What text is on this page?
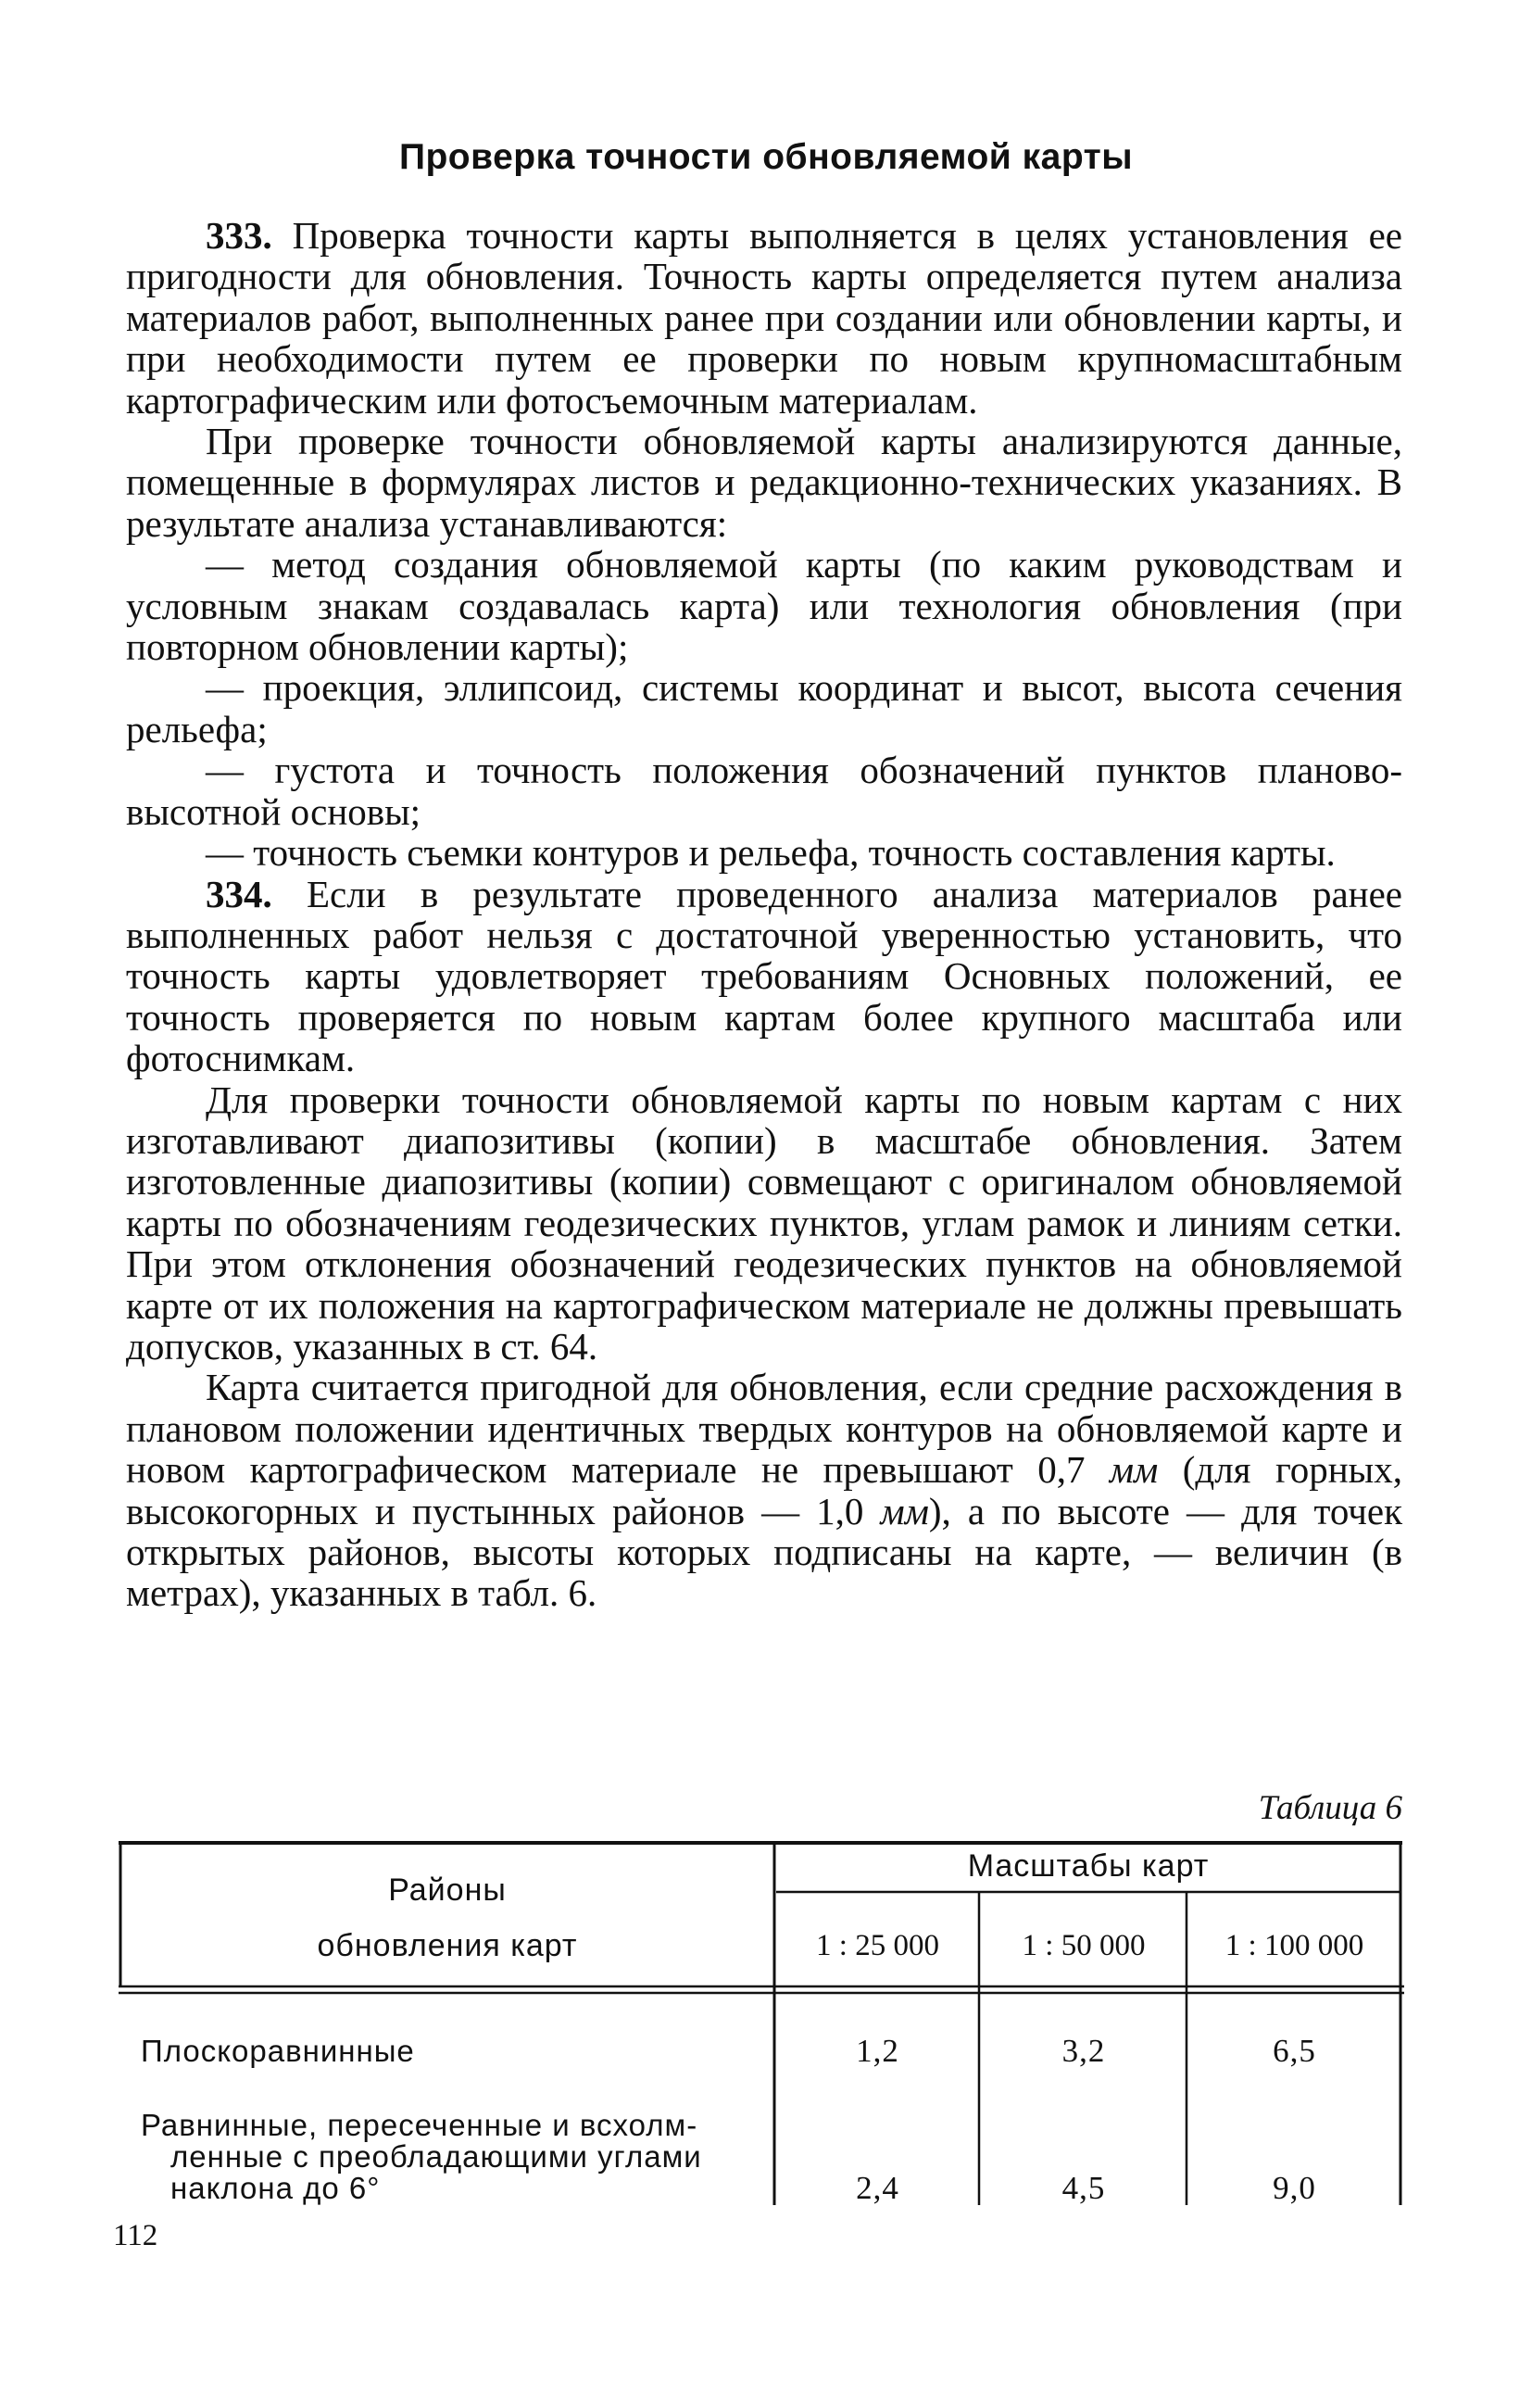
Проверка точности обновляемой карты

333. Проверка точности карты выполняется в целях установления ее пригодности для обновления. Точность карты определяется путем анализа материалов работ, выполненных ранее при создании или обновлении карты, и при необходимости путем ее проверки по новым крупномасштабным картографическим или фотосъемочным материалам.

При проверке точности обновляемой карты анализируются данные, помещенные в формулярах листов и редакционно-технических указаниях. В результате анализа устанавливаются:

— метод создания обновляемой карты (по каким руководствам и условным знакам создавалась карта) или технология обновления (при повторном обновлении карты);

— проекция, эллипсоид, системы координат и высот, высота сечения рельефа;

— густота и точность положения обозначений пунктов планово-высотной основы;

— точность съемки контуров и рельефа, точность составления карты.

334. Если в результате проведенного анализа материалов ранее выполненных работ нельзя с достаточной уверенностью установить, что точность карты удовлетворяет требованиям Основных положений, ее точность проверяется по новым картам более крупного масштаба или фотоснимкам.

Для проверки точности обновляемой карты по новым картам с них изготавливают диапозитивы (копии) в масштабе обновления. Затем изготовленные диапозитивы (копии) совмещают с оригиналом обновляемой карты по обозначениям геодезических пунктов, углам рамок и линиям сетки. При этом отклонения обозначений геодезических пунктов на обновляемой карте от их положения на картографическом материале не должны превышать допусков, указанных в ст. 64.

Карта считается пригодной для обновления, если средние расхождения в плановом положении идентичных твердых контуров на обновляемой карте и новом картографическом материале не превышают 0,7 мм (для горных, высокогорных и пустынных районов — 1,0 мм), а по высоте — для точек открытых районов, высоты которых подписаны на карте, — величин (в метрах), указанных в табл. 6.

Таблица 6
Районы
обновления карт
Масштабы карт
1 : 25 000	1 : 50 000	1 : 100 000
Плоскоравнинные	1,2	3,2	6,5
Равнинные, пересеченные и всхолм-
ленные с преобладающими углами
наклона до 6°	2,4	4,5	9,0
112
